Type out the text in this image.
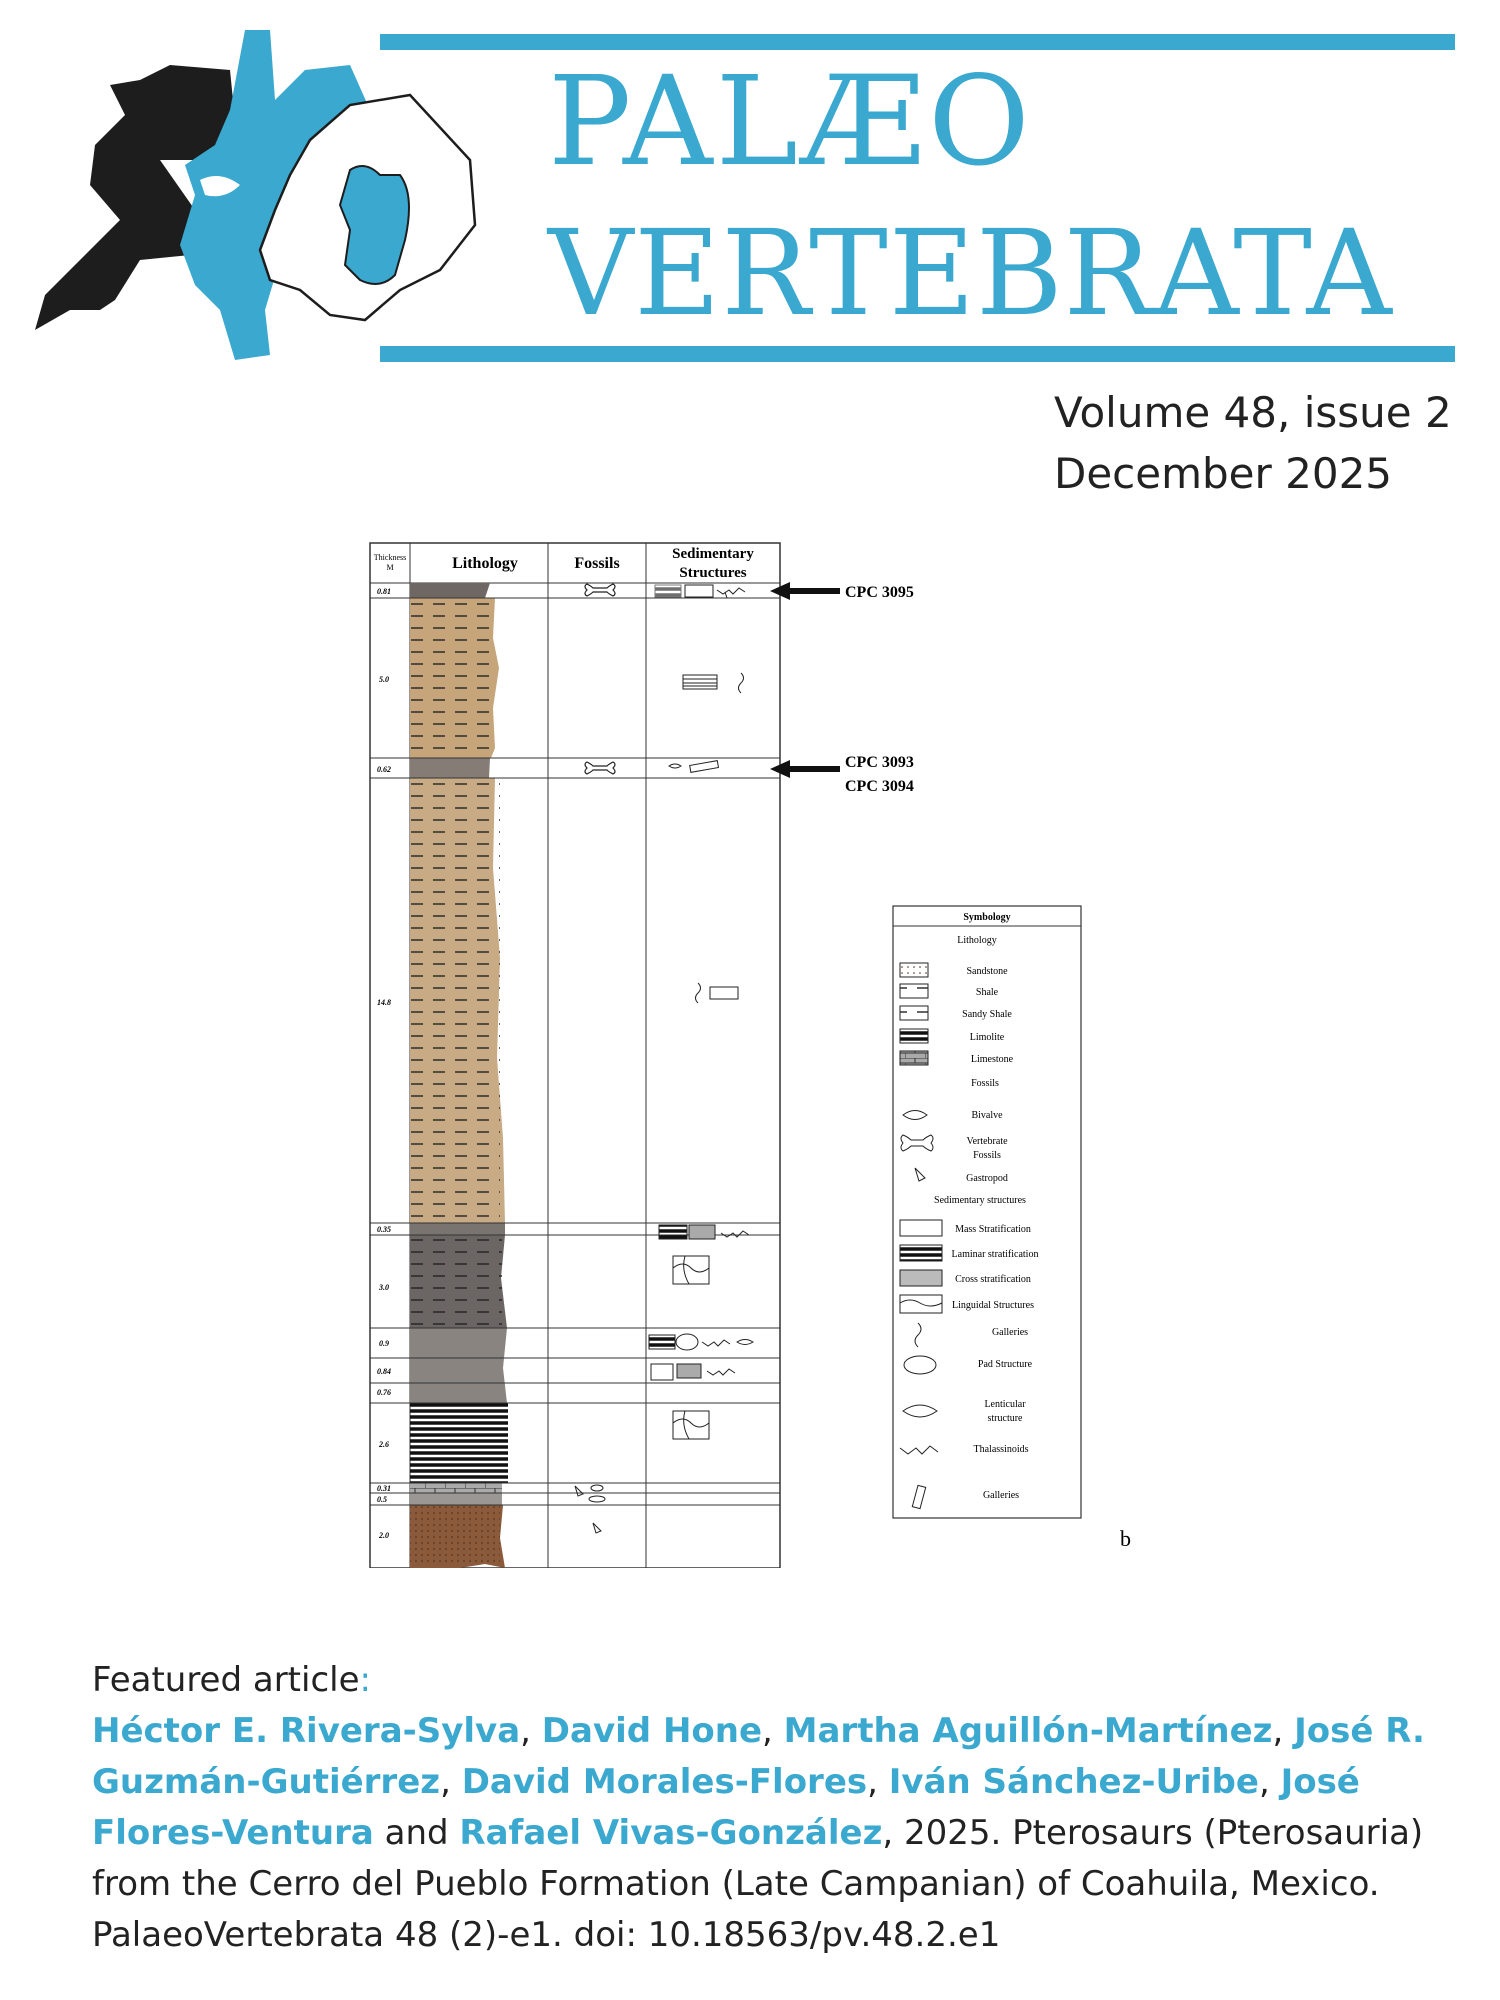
PALÆO
VERTEBRATA
Volume 48, issue 2
December 2025
Thickness
M	Lithology	Fossils
Sedimentary
Structures
0.81
5.0
0.62
14.8
0.35
3.0
0.9
0.84
0.76
2.6
0.31
0.5
2.0
CPC 3095
CPC 3093
CPC 3094
Symbology
Lithology
Sandstone
Shale
Sandy Shale
Limolite
Limestone
Fossils
Bivalve
Vertebrate
Fossils
Gastropod
Sedimentary structures
Mass Stratification
Laminar stratification
Cross stratification
Linguidal Structures
Galleries
Pad Structure
Lenticular
structure
Thalassinoids
Galleries
b
Featured article:
Héctor E. Rivera-Sylva, David Hone, Martha Aguillón-Martínez, José R. Guzmán-Gutiérrez, David Morales-Flores, Iván Sánchez-Uribe, José Flores-Ventura and Rafael Vivas-González, 2025. Pterosaurs (Pterosauria) from the Cerro del Pueblo Formation (Late Campanian) of Coahuila, Mexico. PalaeoVertebrata 48 (2)-e1. doi: 10.18563/pv.48.2.e1
